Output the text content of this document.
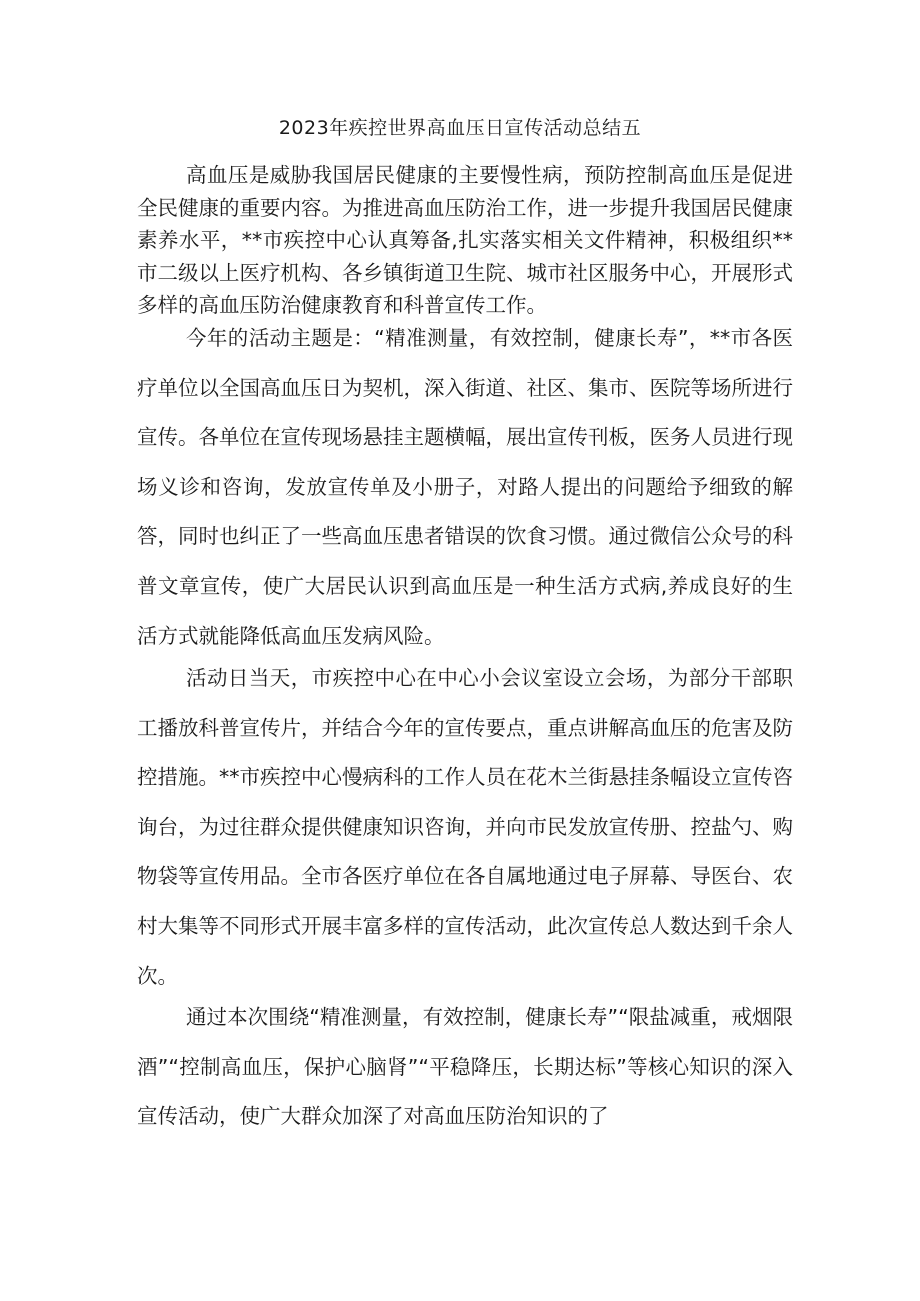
2023年疾控世界高血压日宣传活动总结五

高血压是威胁我国居民健康的主要慢性病，预防控制高血压是促进全民健康的重要内容。为推进高血压防治工作，进一步提升我国居民健康素养水平，**市疾控中心认真筹备,扎实落实相关文件精神，积极组织**市二级以上医疗机构、各乡镇街道卫生院、城市社区服务中心，开展形式多样的高血压防治健康教育和科普宣传工作。

今年的活动主题是：“精准测量，有效控制，健康长寿”，**市各医疗单位以全国高血压日为契机，深入街道、社区、集市、医院等场所进行宣传。各单位在宣传现场悬挂主题横幅，展出宣传刊板，医务人员进行现场义诊和咨询，发放宣传单及小册子，对路人提出的问题给予细致的解答，同时也纠正了一些高血压患者错误的饮食习惯。通过微信公众号的科普文章宣传，使广大居民认识到高血压是一种生活方式病,养成良好的生活方式就能降低高血压发病风险。

活动日当天，市疾控中心在中心小会议室设立会场，为部分干部职工播放科普宣传片，并结合今年的宣传要点，重点讲解高血压的危害及防控措施。**市疾控中心慢病科的工作人员在花木兰街悬挂条幅设立宣传咨询台，为过往群众提供健康知识咨询，并向市民发放宣传册、控盐勺、购物袋等宣传用品。全市各医疗单位在各自属地通过电子屏幕、导医台、农村大集等不同形式开展丰富多样的宣传活动，此次宣传总人数达到千余人次。

通过本次围绕“精准测量，有效控制，健康长寿”“限盐减重，戒烟限酒”“控制高血压，保护心脑肾”“平稳降压，长期达标”等核心知识的深入宣传活动，使广大群众加深了对高血压防治知识的了
